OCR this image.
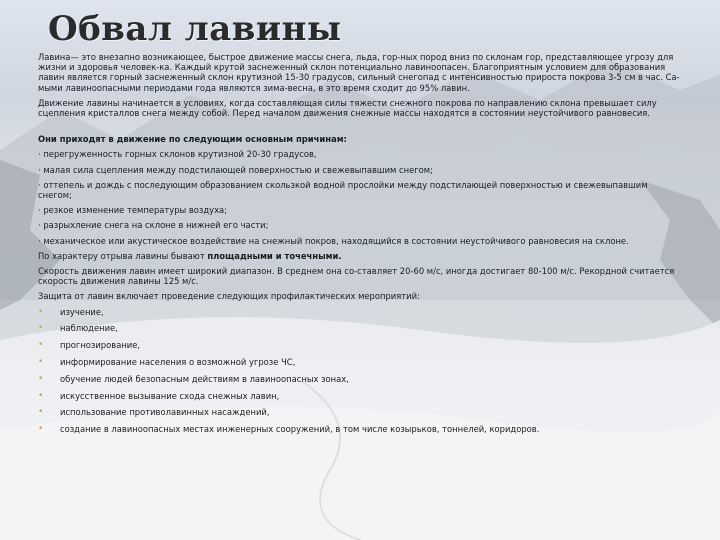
Обвал лавины

Лавина— это внезапно возникающее, быстрое движение массы снега, льда, гор-ных пород вниз по склонам гор, представляющее угрозу для жизни и здоровья человек-ка. Каждый крутой заснеженный склон потенциально лавиноопасен. Благоприятным условием для образования лавин является горный заснеженный склон крутизной 15-30 градусов, сильный снегопад с интенсивностью прироста покрова 3-5 см в час. Са-мыми лавиноопасными периодами года являются зима-весна, в это время сходит до 95% лавин.

Движение лавины начинается в условиях, когда составляющая силы тяжести снежного покрова по направлению склона превышает силу сцепления кристаллов снега между собой. Перед началом движения снежные массы находятся в состоянии неустойчивого равновесия.

Они приходят в движение по следующим основным причинам:

· перегруженность горных склонов крутизной 20-30 градусов,

· малая сила сцепления между подстилающей поверхностью и свежевыпавшим снегом;

· оттепель и дождь с последующим образованием скользкой водной прослойки между подстилающей поверхностью и свежевыпавшим снегом;

· резкое изменение температуры воздуха;

· разрыхление снега на склоне в нижней его части;

· механическое или акустическое воздействие на снежный покров, находящийся в состоянии неустойчивого равновесия на склоне.

По характеру отрыва лавины бывают площадными и точечными.

Скорость движения лавин имеет широкий диапазон. В среднем она со-ставляет 20-60 м/с, иногда достигает 80-100 м/с. Рекордной считается скорость движения лавины 125 м/с.

Защита от лавин включает проведение следующих профилактических мероприятий:

• изучение,
• наблюдение,
• прогнозирование,
• информирование населения о возможной угрозе ЧС,
• обучение людей безопасным действиям в лавиноопасных зонах,
• искусственное вызывание схода снежных лавин,
• использование противолавинных насаждений,
• создание в лавиноопасных местах инженерных сооружений, в том числе козырьков, тоннелей, коридоров.
